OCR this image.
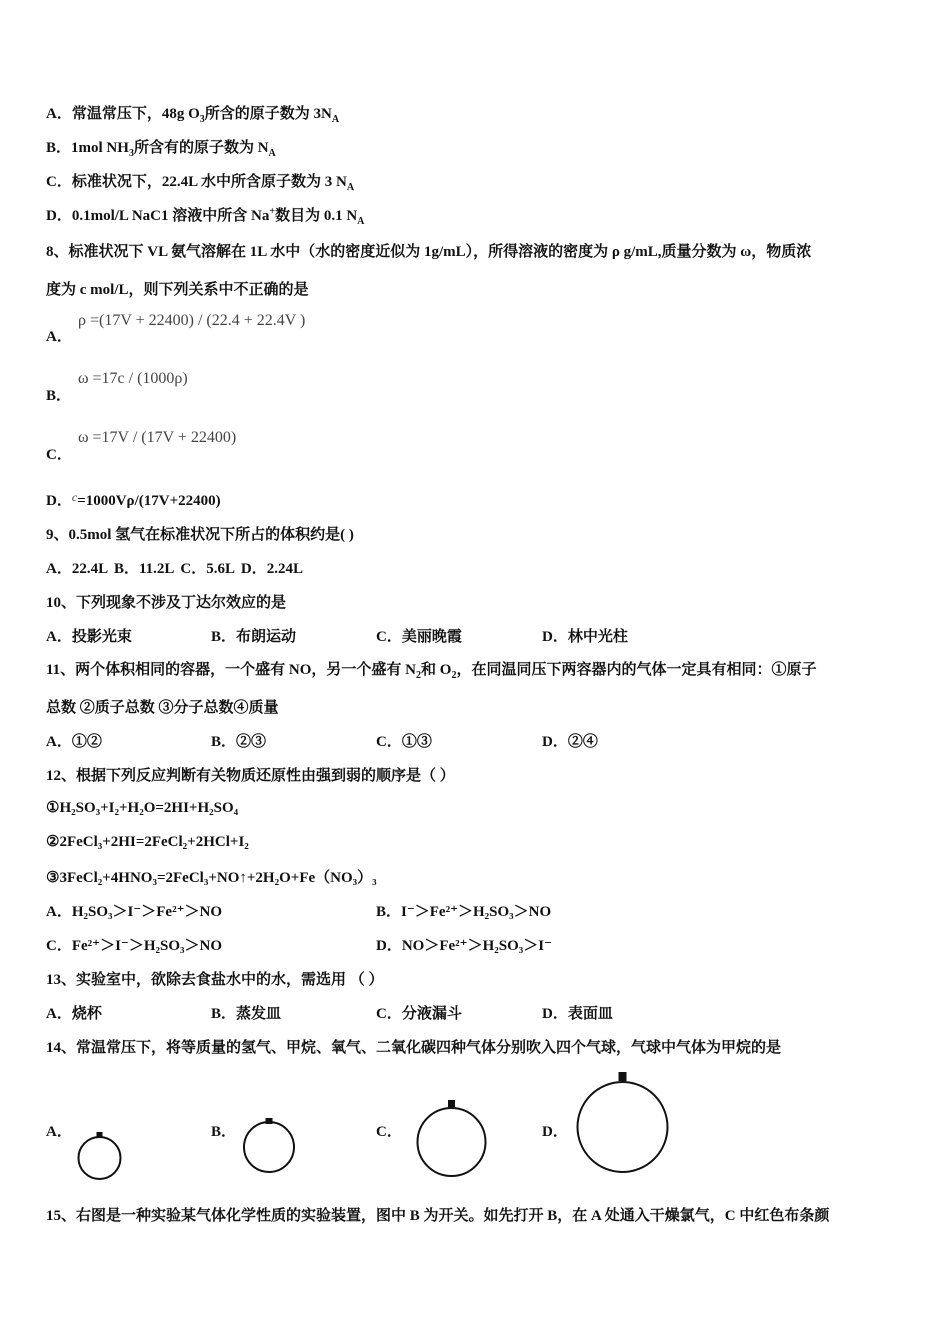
A．常温常压下，48g $O_3$所含的原子数为 $3N_A$
B．1mol $NH_3$所含有的原子数为 $N_A$
C．标准状况下，22.4L 水中所含原子数为 3 $N_A$
D．0.1mol/L NaC1 溶液中所含 Na+数目为 0.1 $N_A$
8、标准状况下 VL 氨气溶解在 1L 水中（水的密度近似为 1g/mL），所得溶液的密度为 ρ g/mL,质量分数为 ω，物质浓
度为 c mol/L，则下列关系中不正确的是
A．
ρ =(17V + 22400) / (22.4 + 22.4V )
B．
ω =17c / (1000ρ)
C．
ω =17V / (17V + 22400)
D．$^c$=1000Vρ/(17V+22400)
9、0.5mol 氢气在标准状况下所占的体积约是( )
A．22.4L B．11.2L C．5.6L D．2.24L
10、下列现象不涉及丁达尔效应的是
A．投影光束	B．布朗运动	C．美丽晚霞	D．林中光柱
11、两个体积相同的容器，一个盛有 NO，另一个盛有 $N_2$和 $O_2$，在同温同压下两容器内的气体一定具有相同：①原子
总数 ②质子总数 ③分子总数④质量
A．①②	B．②③	C．①③	D．②④
12、根据下列反应判断有关物质还原性由强到弱的顺序是（ ）
①H₂SO₃+I₂+H₂O=2HI+H₂SO₄
②2FeCl₃+2HI=2FeCl₂+2HCl+I₂
③3FeCl₂+4HNO₃=2FeCl₃+NO↑+2H₂O+Fe（NO₃）₃
A．H₂SO₃＞I⁻＞Fe²⁺＞NO	B．I⁻＞Fe²⁺＞H₂SO₃＞NO
C．Fe²⁺＞I⁻＞H₂SO₃＞NO	D．NO＞Fe²⁺＞H₂SO₃＞I⁻
13、实验室中，欲除去食盐水中的水，需选用 （ ）
A．烧杯	B．蒸发皿	C．分液漏斗	D．表面皿
14、常温常压下，将等质量的氢气、甲烷、氧气、二氧化碳四种气体分别吹入四个气球，气球中气体为甲烷的是
A．	B．	C．	D．
15、右图是一种实验某气体化学性质的实验装置，图中 B 为开关。如先打开 B，在 A 处通入干燥氯气，C 中红色布条颜
